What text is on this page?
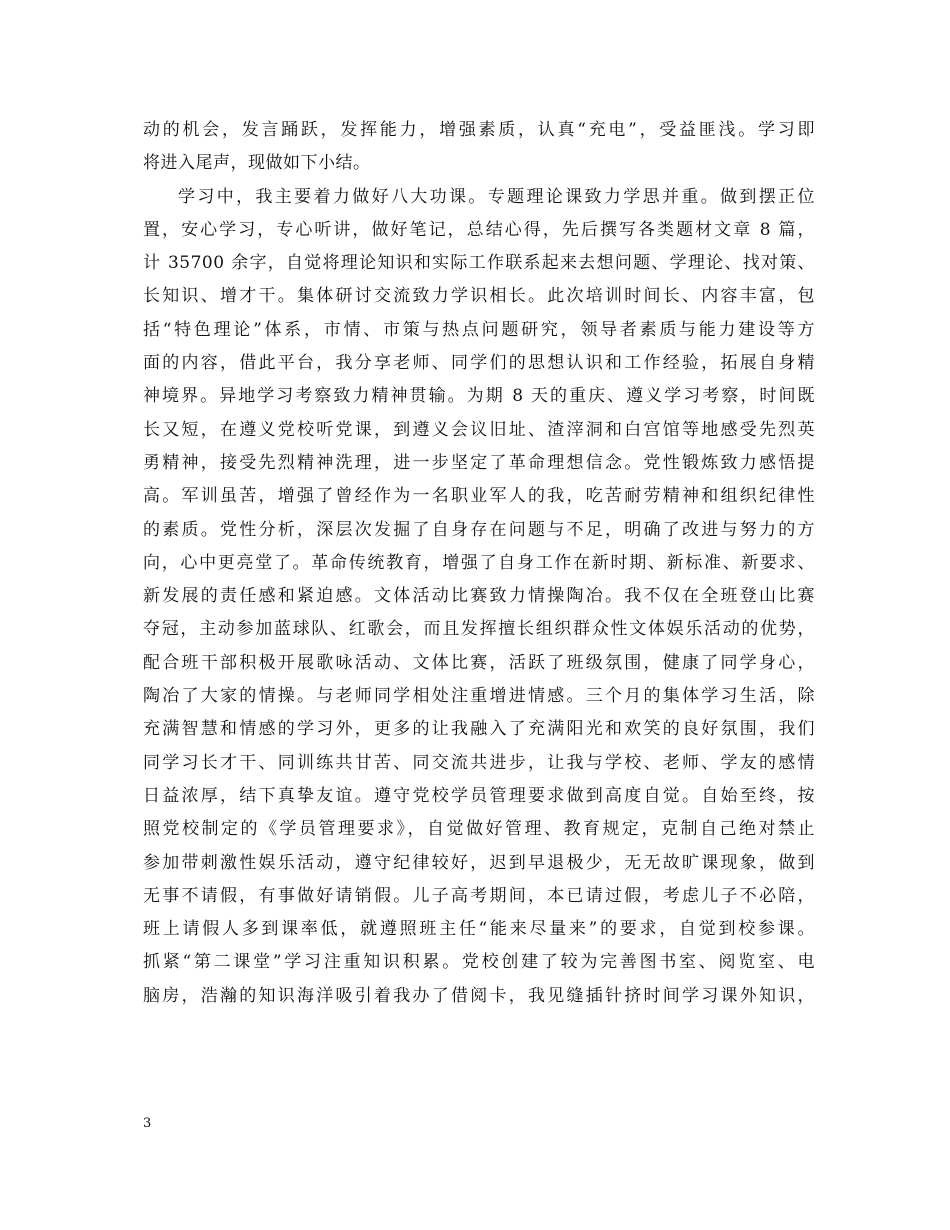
动的机会，发言踊跃，发挥能力，增强素质，认真“充电”，受益匪浅。学习即
将进入尾声，现做如下小结。
学习中，我主要着力做好八大功课。专题理论课致力学思并重。做到摆正位
置，安心学习，专心听讲，做好笔记，总结心得，先后撰写各类题材文章 8 篇，
计 35700 余字，自觉将理论知识和实际工作联系起来去想问题、学理论、找对策、
长知识、增才干。集体研讨交流致力学识相长。此次培训时间长、内容丰富，包
括“特色理论”体系，市情、市策与热点问题研究，领导者素质与能力建设等方
面的内容，借此平台，我分享老师、同学们的思想认识和工作经验，拓展自身精
神境界。异地学习考察致力精神贯输。为期 8 天的重庆、遵义学习考察，时间既
长又短，在遵义党校听党课，到遵义会议旧址、渣滓洞和白宫馆等地感受先烈英
勇精神，接受先烈精神洗理，进一步坚定了革命理想信念。党性锻炼致力感悟提
高。军训虽苦，增强了曾经作为一名职业军人的我，吃苦耐劳精神和组织纪律性
的素质。党性分析，深层次发掘了自身存在问题与不足，明确了改进与努力的方
向，心中更亮堂了。革命传统教育，增强了自身工作在新时期、新标准、新要求、
新发展的责任感和紧迫感。文体活动比赛致力情操陶冶。我不仅在全班登山比赛
夺冠，主动参加蓝球队、红歌会，而且发挥擅长组织群众性文体娱乐活动的优势，
配合班干部积极开展歌咏活动、文体比赛，活跃了班级氛围，健康了同学身心，
陶冶了大家的情操。与老师同学相处注重增进情感。三个月的集体学习生活，除
充满智慧和情感的学习外，更多的让我融入了充满阳光和欢笑的良好氛围，我们
同学习长才干、同训练共甘苦、同交流共进步，让我与学校、老师、学友的感情
日益浓厚，结下真挚友谊。遵守党校学员管理要求做到高度自觉。自始至终，按
照党校制定的《学员管理要求》，自觉做好管理、教育规定，克制自己绝对禁止
参加带刺激性娱乐活动，遵守纪律较好，迟到早退极少，无无故旷课现象，做到
无事不请假，有事做好请销假。儿子高考期间，本已请过假，考虑儿子不必陪，
班上请假人多到课率低，就遵照班主任“能来尽量来”的要求，自觉到校参课。
抓紧“第二课堂”学习注重知识积累。党校创建了较为完善图书室、阅览室、电
脑房，浩瀚的知识海洋吸引着我办了借阅卡，我见缝插针挤时间学习课外知识，
3
